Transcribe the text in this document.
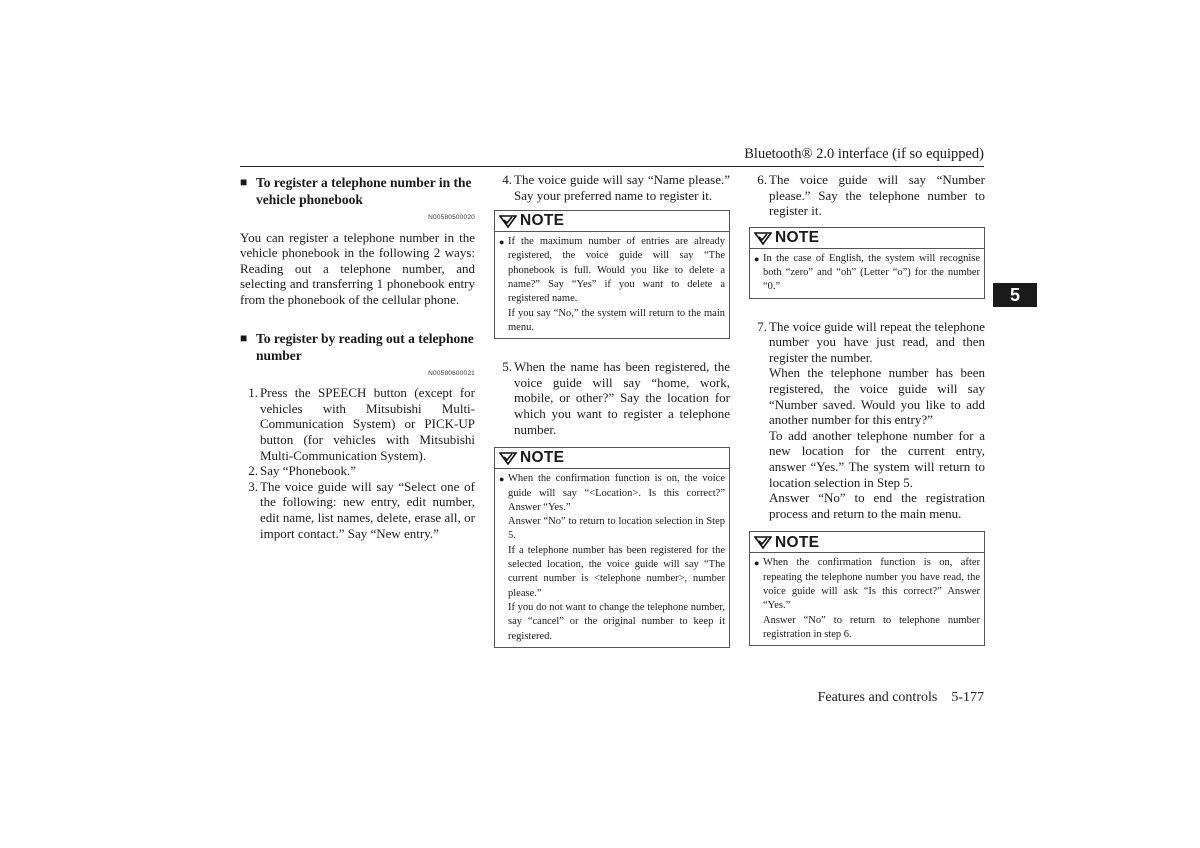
Bluetooth® 2.0 interface (if so equipped)
5
■ To register a telephone number in the vehicle phonebook
N00580500020

You can register a telephone number in the vehicle phonebook in the following 2 ways: Reading out a telephone number, and selecting and transferring 1 phonebook entry from the phonebook of the cellular phone.

■ To register by reading out a telephone number
N00580600021
1. Press the SPEECH button (except for vehicles with Mitsubishi Multi-Communication System) or PICK-UP button (for vehicles with Mitsubishi Multi-Communication System).

2. Say “Phonebook.”

3. The voice guide will say “Select one of the following: new entry, edit number, edit name, list names, delete, erase all, or import contact.” Say “New entry.”

4. The voice guide will say “Name please.” Say your preferred name to register it.

NOTE
● If the maximum number of entries are already registered, the voice guide will say “The phonebook is full. Would you like to delete a name?” Say “Yes” if you want to delete a registered name.

If you say “No,” the system will return to the main menu.

5. When the name has been registered, the voice guide will say “home, work, mobile, or other?” Say the location for which you want to register a telephone number.

NOTE
● When the confirmation function is on, the voice guide will say “<Location>. Is this correct?” Answer “Yes.”

Answer “No” to return to location selection in Step 5.

If a telephone number has been registered for the selected location, the voice guide will say “The current number is <telephone number>, number please.”

If you do not want to change the telephone number, say “cancel” or the original number to keep it registered.

6. The voice guide will say “Number please.” Say the telephone number to register it.

NOTE
● In the case of English, the system will recognise both “zero” and “oh” (Letter “o”) for the number “0.”

7. The voice guide will repeat the telephone number you have just read, and then register the number.

When the telephone number has been registered, the voice guide will say “Number saved. Would you like to add another number for this entry?”

To add another telephone number for a new location for the current entry, answer “Yes.” The system will return to location selection in Step 5.

Answer “No” to end the registration process and return to the main menu.

NOTE
● When the confirmation function is on, after repeating the telephone number you have read, the voice guide will ask “Is this correct?” Answer “Yes.”

Answer “No” to return to telephone number registration in step 6.

Features and controls 5-177
